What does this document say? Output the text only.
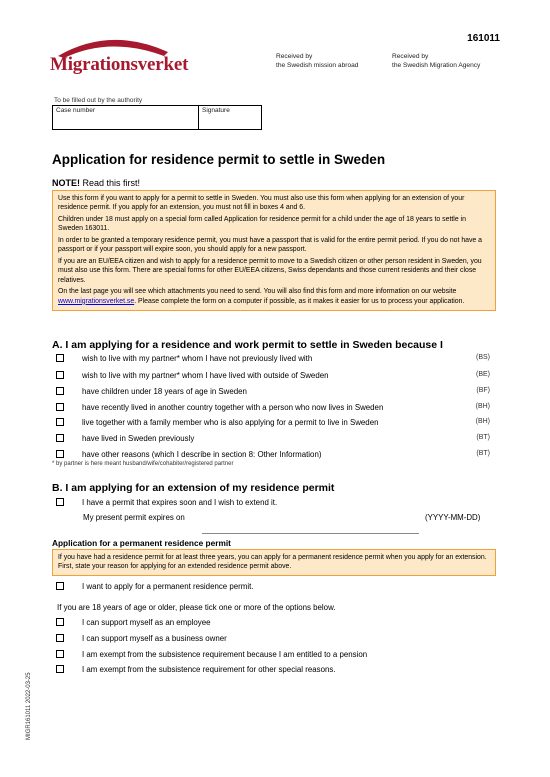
161011
Migrationsverket	Received by
the Swedish mission abroad
Received by
the Swedish Migration Agency
To be filled out by the authority
Case number	Signature
Application for residence permit to settle in Sweden
NOTE! Read this first!

Use this form if you want to apply for a permit to settle in Sweden. You must also use this form when applying for an extension of your residence permit. If you apply for an extension, you must not fill in boxes 4 and 6.

Children under 18 must apply on a special form called Application for residence permit for a child under the age of 18 years to settle in Sweden 163011.

In order to be granted a temporary residence permit, you must have a passport that is valid for the entire permit period. If you do not have a passport or if your passport will expire soon, you should apply for a new passport.

If you are an EU/EEA citizen and wish to apply for a residence permit to move to a Swedish citizen or other person resident in Sweden, you must also use this form. There are special forms for other EU/EEA citizens, Swiss dependants and those current residents and their close relatives.

On the last page you will see which attachments you need to send. You will also find this form and more information on our website www.migrationsverket.se. Please complete the form on a computer if possible, as it makes it easier for us to process your application.

A. I am applying for a residence and work permit to settle in Sweden because I
wish to live with my partner* whom I have not previously lived with	(BS)
wish to live with my partner* whom I have lived with outside of Sweden	(BE)
have children under 18 years of age in Sweden	(BF)
have recently lived in another country together with a person who now lives in Sweden	(BH)
live together with a family member who is also applying for a permit to live in Sweden	(BH)
have lived in Sweden previously	(BT)
have other reasons (which I describe in section 8: Other Information)	(BT)
* by partner is here meant husband/wife/cohabiter/registered partner
B. I am applying for an extension of my residence permit
I have a permit that expires soon and I wish to extend it.
My present permit expires on	(YYYY-MM-DD)
Application for a permanent residence permit
If you have had a residence permit for at least three years, you can apply for a permanent residence permit when you apply for an extension. First, state your reason for applying for an extended residence permit above.
I want to apply for a permanent residence permit.
If you are 18 years of age or older, please tick one or more of the options below.
I can support myself as an employee
I can support myself as a business owner
I am exempt from the subsistence requirement because I am entitled to a pension
I am exempt from the subsistence requirement for other special reasons.
MIGR161011 2022-03-25
